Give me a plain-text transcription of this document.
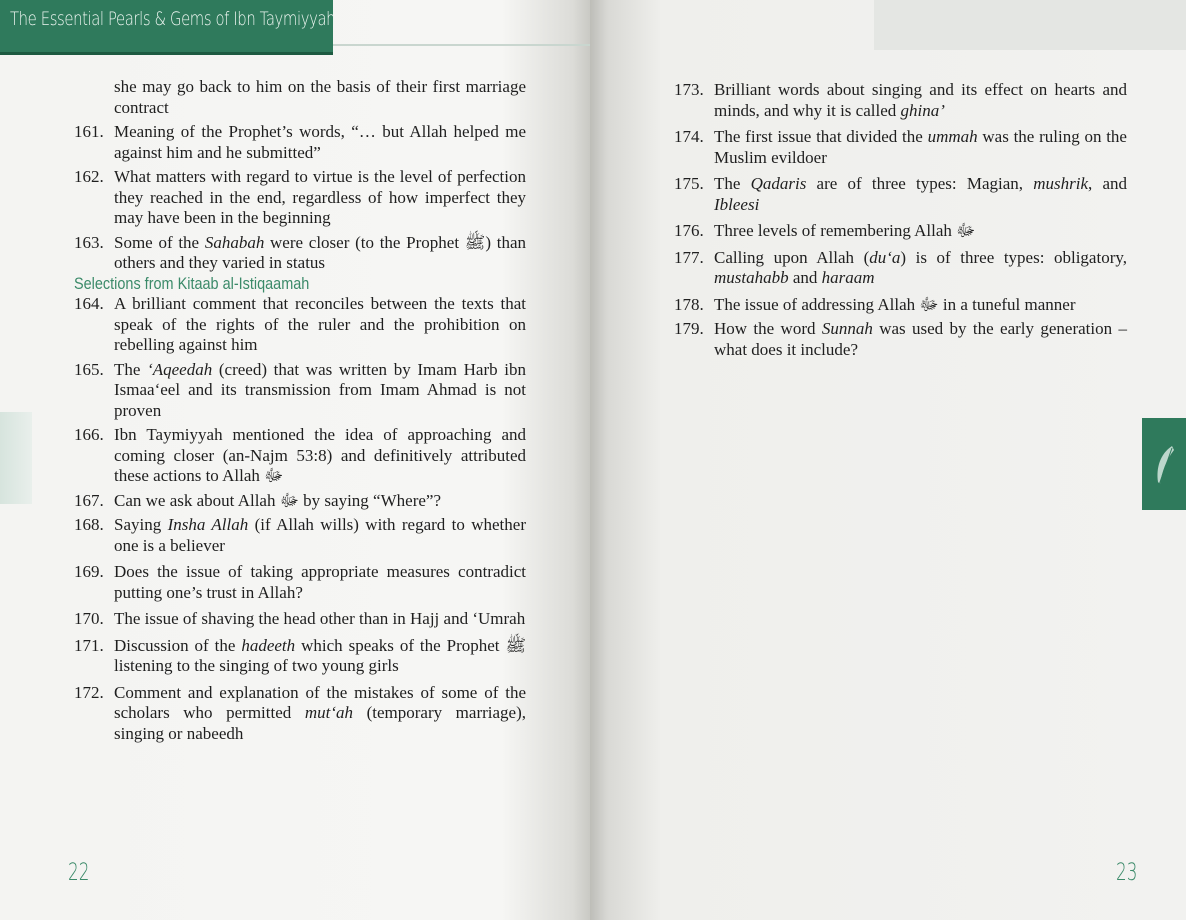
The Essential Pearls & Gems of Ibn Taymiyyah
she may go back to him on the basis of their first marriage contract
161. Meaning of the Prophet’s words, “… but Allah helped me against him and he submitted”
162. What matters with regard to virtue is the level of perfection they reached in the end, regardless of how imperfect they may have been in the beginning
163. Some of the Sahabah were closer (to the Prophet ﷺ) than others and they varied in status
Selections from Kitaab al-Istiqaamah
164. A brilliant comment that reconciles between the texts that speak of the rights of the ruler and the prohibition on rebelling against him
165. The ‘Aqeedah (creed) that was written by Imam Harb ibn Ismaa‘eel and its transmission from Imam Ahmad is not proven
166. Ibn Taymiyyah mentioned the idea of approaching and coming closer (an-Najm 53:8) and definitively attributed these actions to Allah ﷻ
167. Can we ask about Allah ﷻ by saying “Where”?
168. Saying Insha Allah (if Allah wills) with regard to whether one is a believer
169. Does the issue of taking appropriate measures contradict putting one’s trust in Allah?
170. The issue of shaving the head other than in Hajj and ‘Umrah
171. Discussion of the hadeeth which speaks of the Prophet ﷺ listening to the singing of two young girls
172. Comment and explanation of the mistakes of some of the scholars who permitted mut‘ah (temporary marriage), singing or nabeedh
22
173. Brilliant words about singing and its effect on hearts and minds, and why it is called ghina’
174. The first issue that divided the ummah was the ruling on the Muslim evildoer
175. The Qadaris are of three types: Magian, mushrik, and Ibleesi
176. Three levels of remembering Allah ﷻ
177. Calling upon Allah (du‘a) is of three types: obligatory, mustahabb and haraam
178. The issue of addressing Allah ﷻ in a tuneful manner
179. How the word Sunnah was used by the early generation – what does it include?
23
